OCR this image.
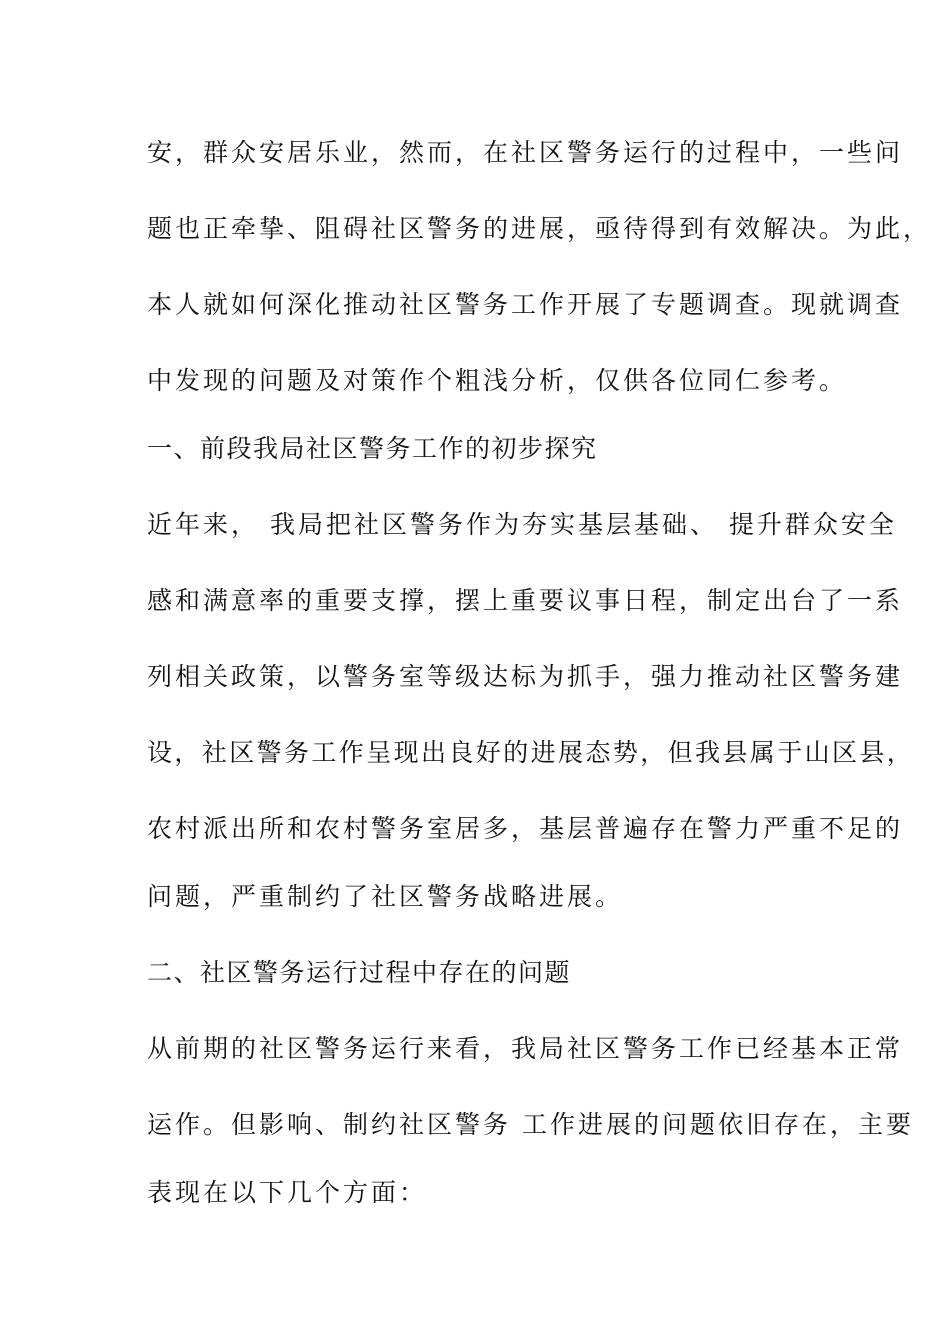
安，群众安居乐业，然而，在社区警务运行的过程中，一些问
题也正牵挚、阻碍社区警务的进展，亟待得到有效解决。为此，
本人就如何深化推动社区警务工作开展了专题调查。现就调查
中发现的问题及对策作个粗浅分析，仅供各位同仁参考。
一、前段我局社区警务工作的初步探究
近年来， 我局把社区警务作为夯实基层基础、 提升群众安全
感和满意率的重要支撑，摆上重要议事日程，制定出台了一系
列相关政策，以警务室等级达标为抓手，强力推动社区警务建
设，社区警务工作呈现出良好的进展态势，但我县属于山区县，
农村派出所和农村警务室居多，基层普遍存在警力严重不足的
问题，严重制约了社区警务战略进展。
二、社区警务运行过程中存在的问题
从前期的社区警务运行来看，我局社区警务工作已经基本正常
运作。但影响、制约社区警务 工作进展的问题依旧存在，主要
表现在以下几个方面：
